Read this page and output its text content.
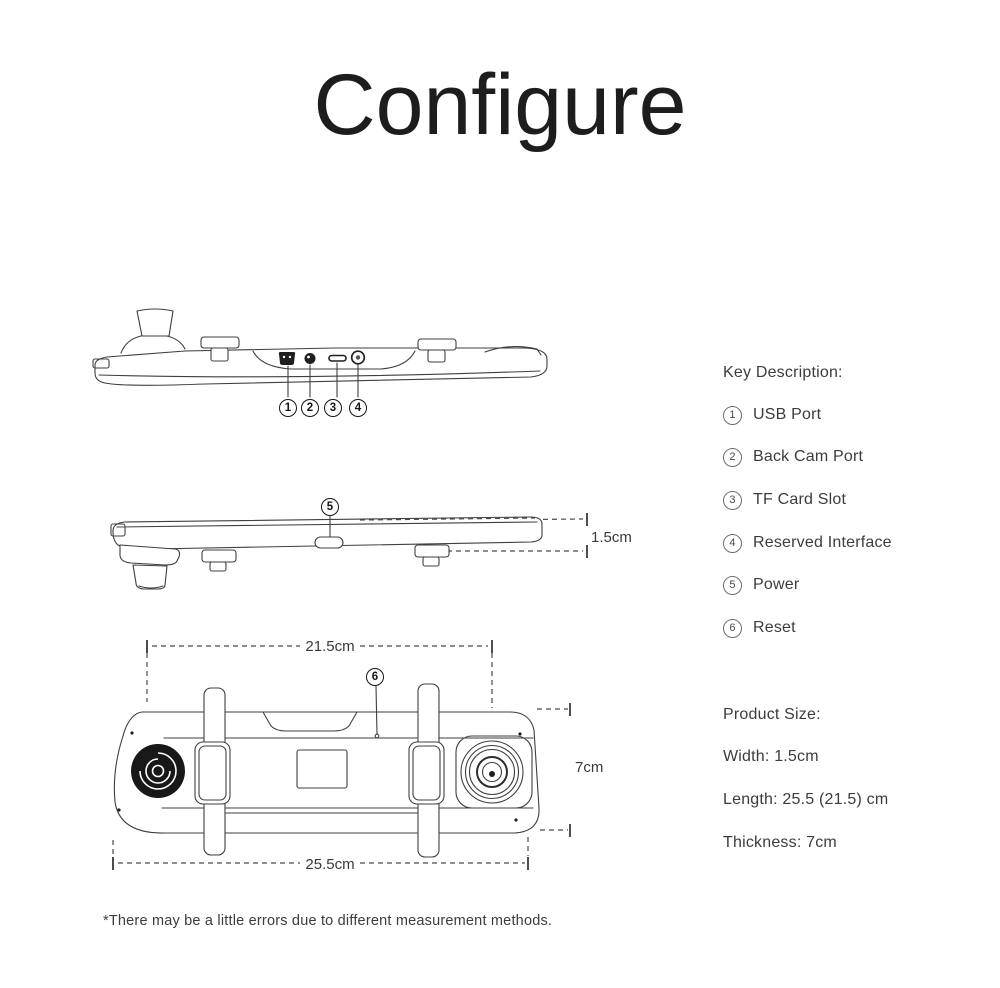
Configure
1	2	3	4
5
1.5cm
6
21.5cm
25.5cm
7cm
Key Description:
1	USB Port
2	Back Cam Port
3	TF Card Slot
4	Reserved Interface
5	Power
6	Reset
Product Size:
Width: 1.5cm
Length: 25.5 (21.5) cm
Thickness: 7cm
*There may be a little errors due to different measurement methods.
